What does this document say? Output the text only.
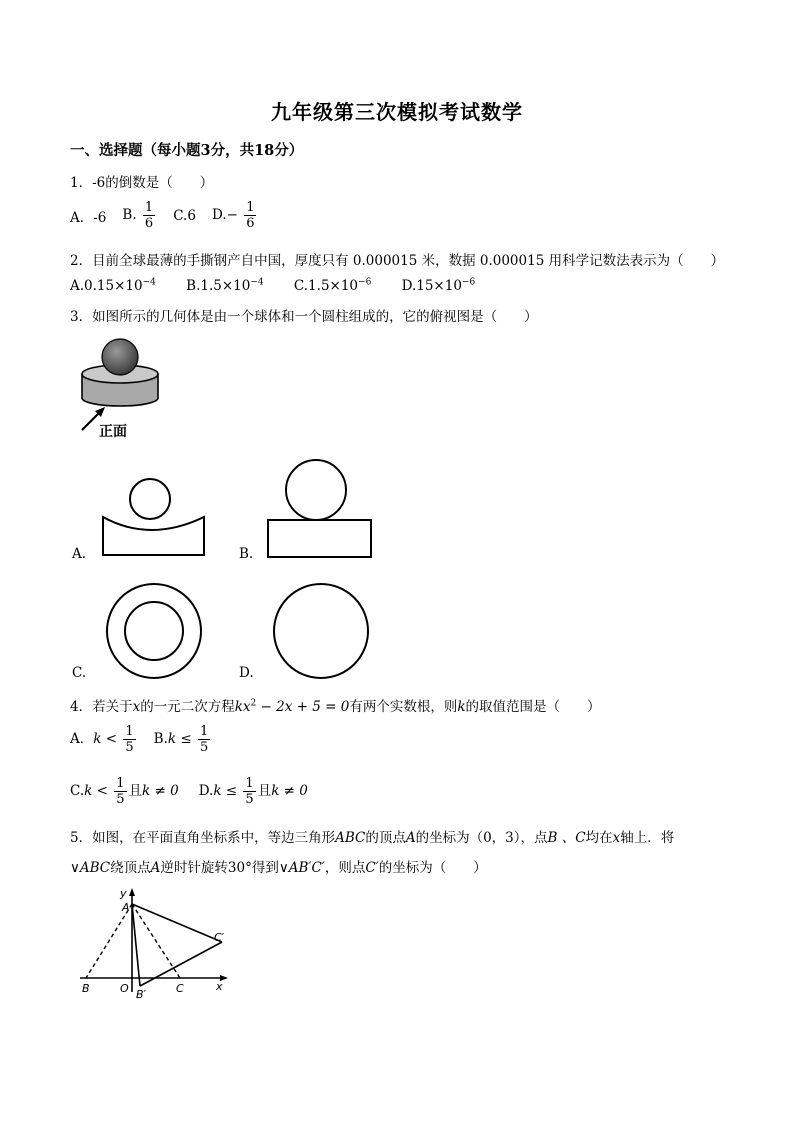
九年级第三次模拟考试数学
一、选择题（每小题3分，共18分）
1．-6的倒数是（　　）
A．-6 B. $\frac{1}{6} C.6$ $D.- \frac{1}{6}$
2．目前全球最薄的手撕钢产自中国，厚度只有 0.000015 米，数据 0.000015 用科学记数法表示为（　　）
$A.0.15\times 10^{-4}$ $B.1.5\times 10^{-4}$ $C.1.5\times 10^{-6}$ $D.15\times 10^{-6}$
3．如图所示的几何体是由一个球体和一个圆柱组成的，它的俯视图是（　　）
正面
A.	B.
C.	D.
4．若关于x的一元二次方程$kx^2 - 2x + 5 = 0$有两个实数根，则k的取值范围是（　　）
A．$k < \frac{1}{5} B.k \le \frac{1}{5}$
$C.k < \frac{1}{5}$ 且k ≠ 0 $D.k \le \frac{1}{5}$ 且k ≠ 0
5．如图，在平面直角坐标系中，等边三角形ABC的顶点A的坐标为（0，3），点B 、C均在x轴上．将
∨ABC绕顶点A逆时针旋转30°得到∨AB′C′，则点C′的坐标为（　　）
y
A
B	O B′	C
C′
x
